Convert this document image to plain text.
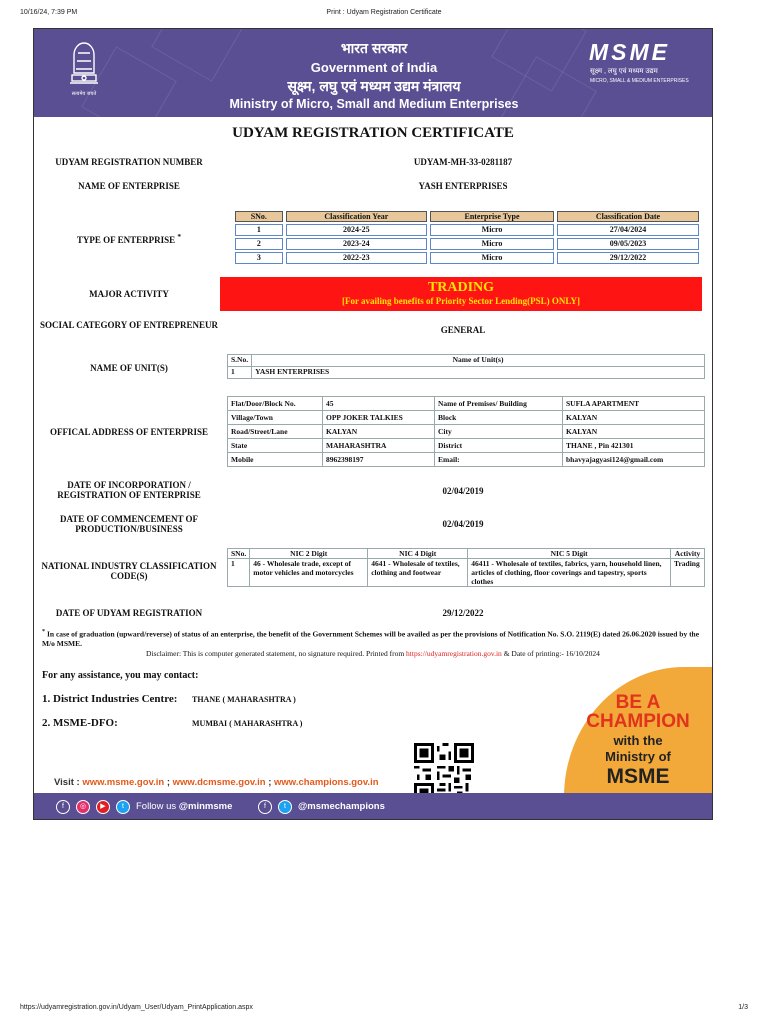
10/16/24, 7:39 PM	Print : Udyam Registration Certificate
सत्यमेव जयते
भारत सरकार
Government of India
सूक्ष्म, लघु एवं मध्यम उद्यम मंत्रालय
Ministry of Micro, Small and Medium Enterprises
MSME
सूक्ष्म , लघु एवं मध्यम उद्यम
MICRO, SMALL & MEDIUM ENTERPRISES
UDYAM REGISTRATION CERTIFICATE
UDYAM REGISTRATION NUMBER	UDYAM-MH-33-0281187
NAME OF ENTERPRISE	YASH ENTERPRISES
TYPE OF ENTERPRISE *
SNo.	Classification Year	Enterprise Type	Classification Date
1	2024-25	Micro	27/04/2024
2	2023-24	Micro	09/05/2023
3	2022-23	Micro	29/12/2022
MAJOR ACTIVITY	TRADING
[For availing benefits of Priority Sector Lending(PSL) ONLY]
SOCIAL CATEGORY OF ENTREPRENEUR	GENERAL
NAME OF UNIT(S)
S.No.	Name of Unit(s)
1	YASH ENTERPRISES
OFFICAL ADDRESS OF ENTERPRISE
Flat/Door/Block No.	45	Name of Premises/ Building	SUFLA APARTMENT
Village/Town	OPP JOKER TALKIES	Block	KALYAN
Road/Street/Lane	KALYAN	City	KALYAN
State	MAHARASHTRA	District	THANE , Pin 421301
Mobile	8962398197	Email:	bhavyajagyasi124@gmail.com
DATE OF INCORPORATION / REGISTRATION OF ENTERPRISE	02/04/2019
DATE OF COMMENCEMENT OF PRODUCTION/BUSINESS	02/04/2019
NATIONAL INDUSTRY CLASSIFICATION CODE(S)
SNo.	NIC 2 Digit	NIC 4 Digit	NIC 5 Digit	Activity
1	46 - Wholesale trade, except of motor vehicles and motorcycles	4641 - Wholesale of textiles, clothing and footwear	46411 - Wholesale of textiles, fabrics, yarn, household linen, articles of clothing, floor coverings and tapestry, sports clothes	Trading
DATE OF UDYAM REGISTRATION	29/12/2022
* In case of graduation (upward/reverse) of status of an enterprise, the benefit of the Government Schemes will be availed as per the provisions of Notification No. S.O. 2119(E) dated 26.06.2020 issued by the M/o MSME.
Disclaimer: This is computer generated statement, no signature required. Printed from https://udyamregistration.gov.in & Date of printing:- 16/10/2024
For any assistance, you may contact:
1. District Industries Centre: THANE ( MAHARASHTRA )
2. MSME-DFO:	MUMBAI ( MAHARASHTRA )
BE A
CHAMPION
with the
Ministry of
MSME
Visit : www.msme.gov.in ; www.dcmsme.gov.in ; www.champions.gov.in
f	◎	▶	t	Follow us @minmsme	f	t	@msmechampions
https://udyamregistration.gov.in/Udyam_User/Udyam_PrintApplication.aspx	1/3
